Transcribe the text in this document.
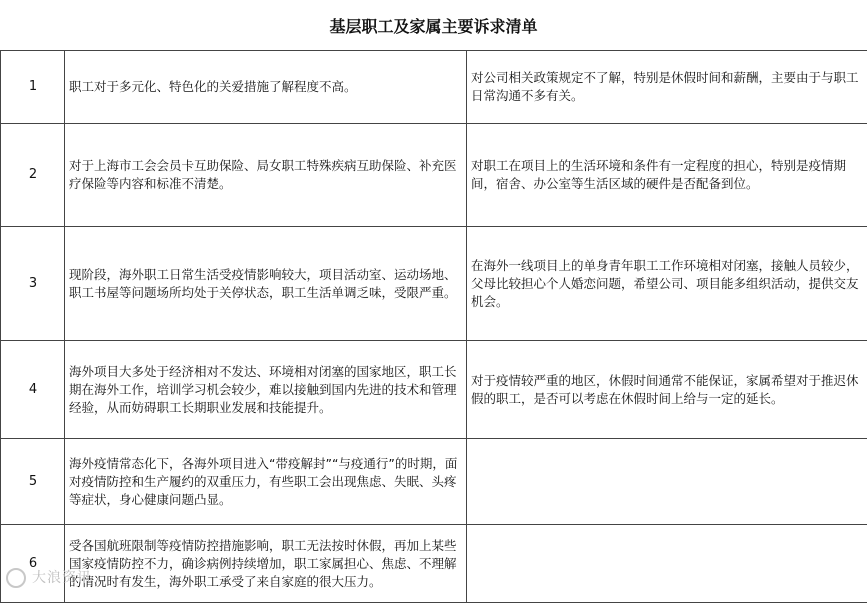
基层职工及家属主要诉求清单
1	职工对于多元化、特色化的关爱措施了解程度不高。	对公司相关政策规定不了解，特别是休假时间和薪酬，主要由于与职工日常沟通不多有关。
2	对于上海市工会会员卡互助保险、局女职工特殊疾病互助保险、补充医疗保险等内容和标准不清楚。	对职工在项目上的生活环境和条件有一定程度的担心，特别是疫情期间，宿舍、办公室等生活区域的硬件是否配备到位。
3	现阶段，海外职工日常生活受疫情影响较大，项目活动室、运动场地、职工书屋等问题场所均处于关停状态，职工生活单调乏味，受限严重。	在海外一线项目上的单身青年职工工作环境相对闭塞，接触人员较少，父母比较担心个人婚恋问题，希望公司、项目能多组织活动，提供交友机会。
4	海外项目大多处于经济相对不发达、环境相对闭塞的国家地区，职工长期在海外工作，培训学习机会较少，难以接触到国内先进的技术和管理经验，从而妨碍职工长期职业发展和技能提升。	对于疫情较严重的地区，休假时间通常不能保证，家属希望对于推迟休假的职工，是否可以考虑在休假时间上给与一定的延长。
5	海外疫情常态化下，各海外项目进入“带疫解封”“与疫通行”的时期，面对疫情防控和生产履约的双重压力，有些职工会出现焦虑、失眠、头疼等症状，身心健康问题凸显。	
6	受各国航班限制等疫情防控措施影响，职工无法按时休假，再加上某些国家疫情防控不力，确诊病例持续增加，职工家属担心、焦虑、不理解的情况时有发生，海外职工承受了来自家庭的很大压力。	
大浪资讯
